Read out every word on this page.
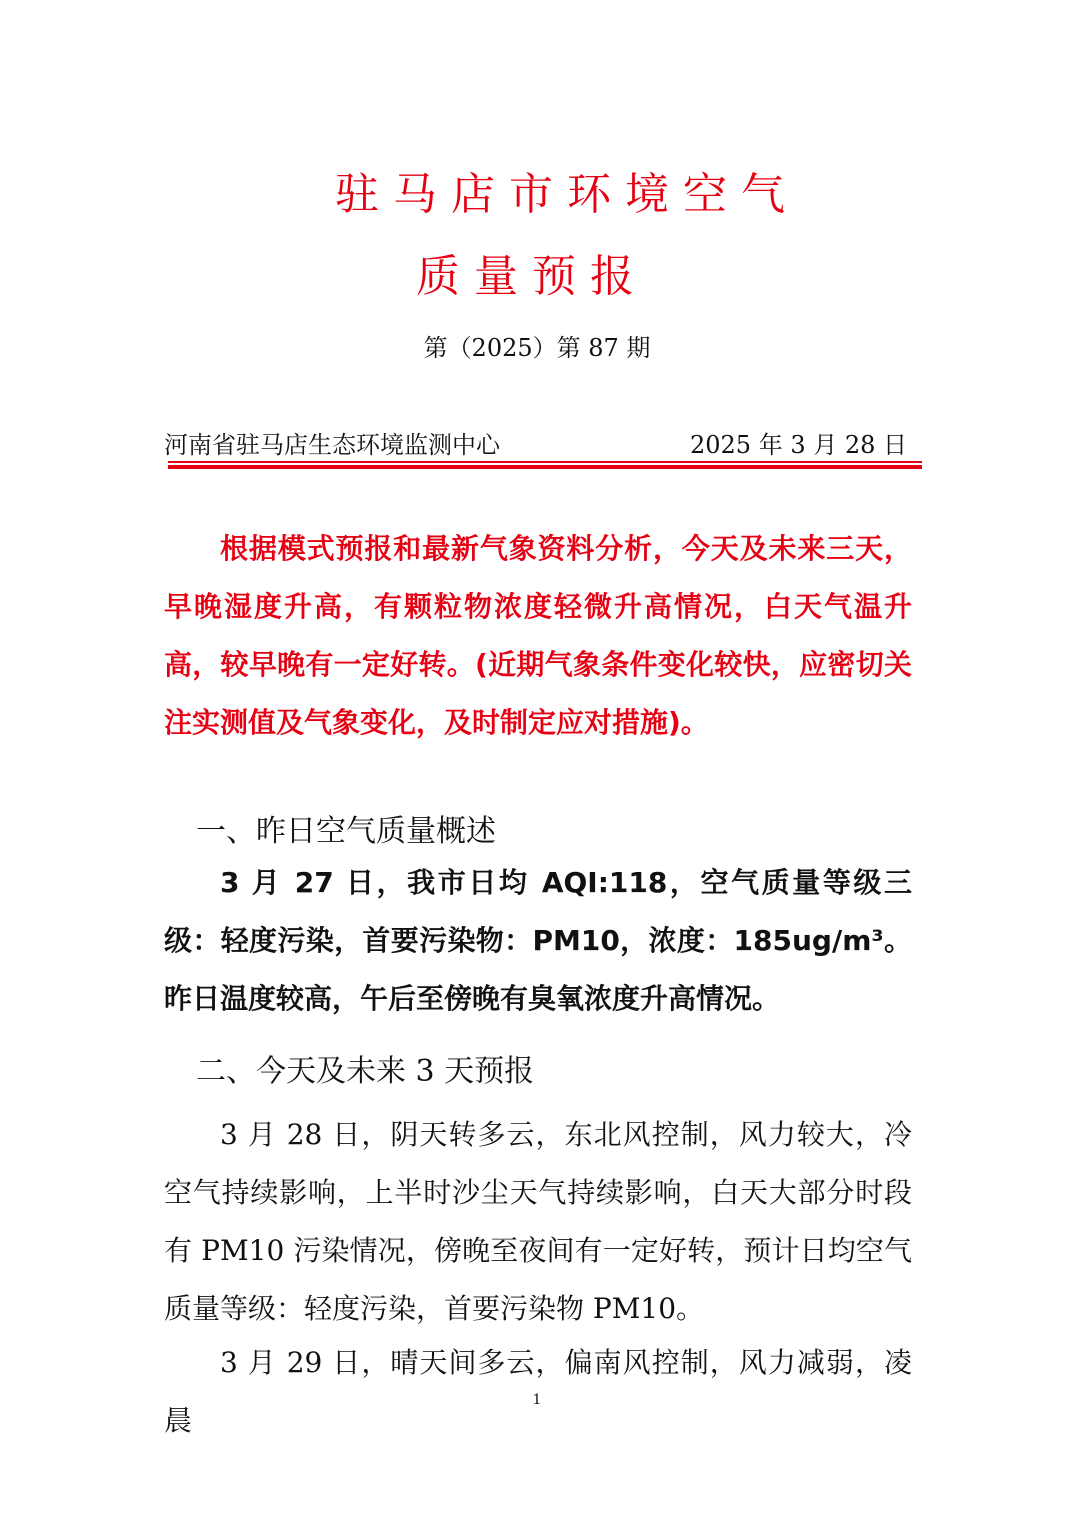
驻马店市环境空气
质量预报
第（2025）第 87 期
河南省驻马店生态环境监测中心	2025 年 3 月 28 日

根据模式预报和最新气象资料分析，今天及未来三天，早晚湿度升高，有颗粒物浓度轻微升高情况，白天气温升高，较早晚有一定好转。(近期气象条件变化较快，应密切关注实测值及气象变化，及时制定应对措施)。

一、昨日空气质量概述

3 月 27 日，我市日均 AQI:118，空气质量等级三级：轻度污染，首要污染物：PM10，浓度：185ug/m³。昨日温度较高，午后至傍晚有臭氧浓度升高情况。

二、今天及未来 3 天预报

3 月 28 日，阴天转多云，东北风控制，风力较大，冷空气持续影响，上半时沙尘天气持续影响，白天大部分时段有 PM10 污染情况，傍晚至夜间有一定好转，预计日均空气质量等级：轻度污染，首要污染物 PM10。

3 月 29 日，晴天间多云，偏南风控制，风力减弱，凌晨

1
